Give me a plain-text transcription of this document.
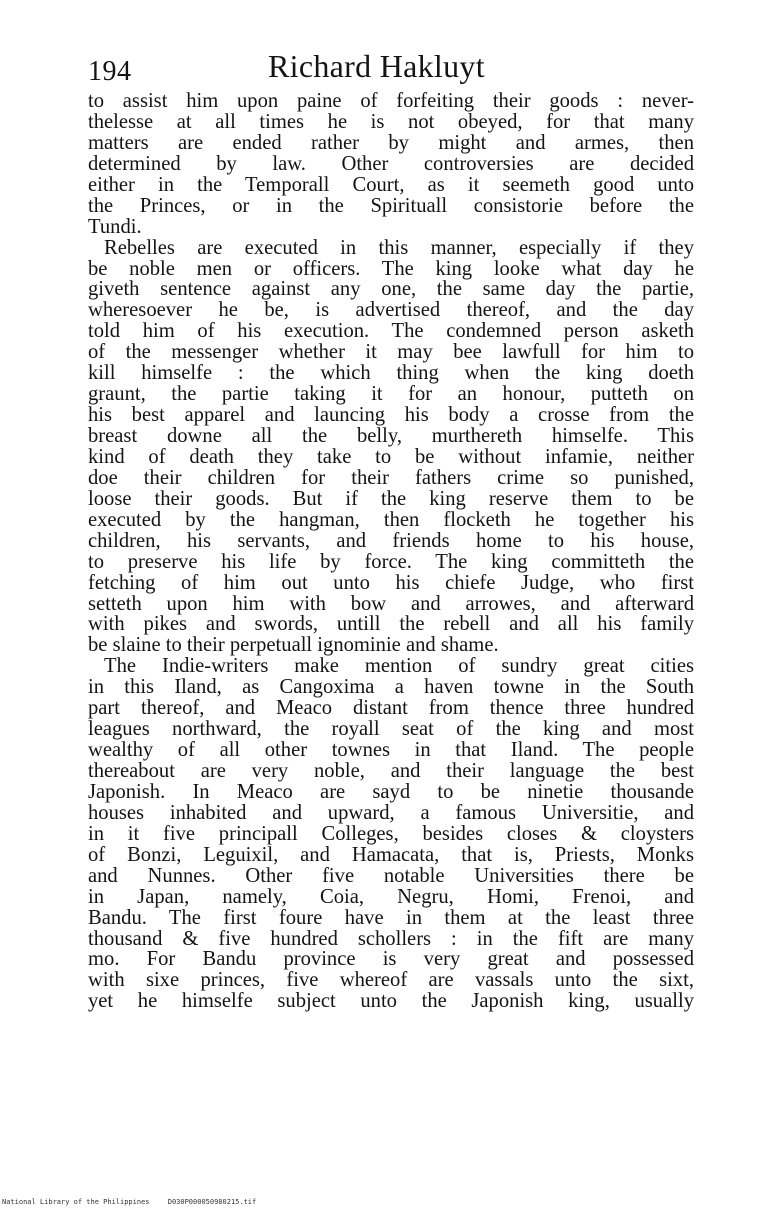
194	Richard Hakluyt
to assist him upon paine of forfeiting their goods : never-
thelesse at all times he is not obeyed, for that many
matters are ended rather by might and armes, then
determined by law. Other controversies are decided
either in the Temporall Court, as it seemeth good unto
the Princes, or in the Spirituall consistorie before the
Tundi.
Rebelles are executed in this manner, especially if they
be noble men or officers. The king looke what day he
giveth sentence against any one, the same day the partie,
wheresoever he be, is advertised thereof, and the day
told him of his execution. The condemned person asketh
of the messenger whether it may bee lawfull for him to
kill himselfe : the which thing when the king doeth
graunt, the partie taking it for an honour, putteth on
his best apparel and launcing his body a crosse from the
breast downe all the belly, murthereth himselfe. This
kind of death they take to be without infamie, neither
doe their children for their fathers crime so punished,
loose their goods. But if the king reserve them to be
executed by the hangman, then flocketh he together his
children, his servants, and friends home to his house,
to preserve his life by force. The king committeth the
fetching of him out unto his chiefe Judge, who first
setteth upon him with bow and arrowes, and afterward
with pikes and swords, untill the rebell and all his family
be slaine to their perpetuall ignominie and shame.
The Indie-writers make mention of sundry great cities
in this Iland, as Cangoxima a haven towne in the South
part thereof, and Meaco distant from thence three hundred
leagues northward, the royall seat of the king and most
wealthy of all other townes in that Iland. The people
thereabout are very noble, and their language the best
Japonish. In Meaco are sayd to be ninetie thousande
houses inhabited and upward, a famous Universitie, and
in it five principall Colleges, besides closes & cloysters
of Bonzi, Leguixil, and Hamacata, that is, Priests, Monks
and Nunnes. Other five notable Universities there be
in Japan, namely, Coia, Negru, Homi, Frenoi, and
Bandu. The first foure have in them at the least three
thousand & five hundred schollers : in the fift are many
mo. For Bandu province is very great and possessed
with sixe princes, five whereof are vassals unto the sixt,
yet he himselfe subject unto the Japonish king, usually
National Library of the Philippines	D030P000050980215.tif
